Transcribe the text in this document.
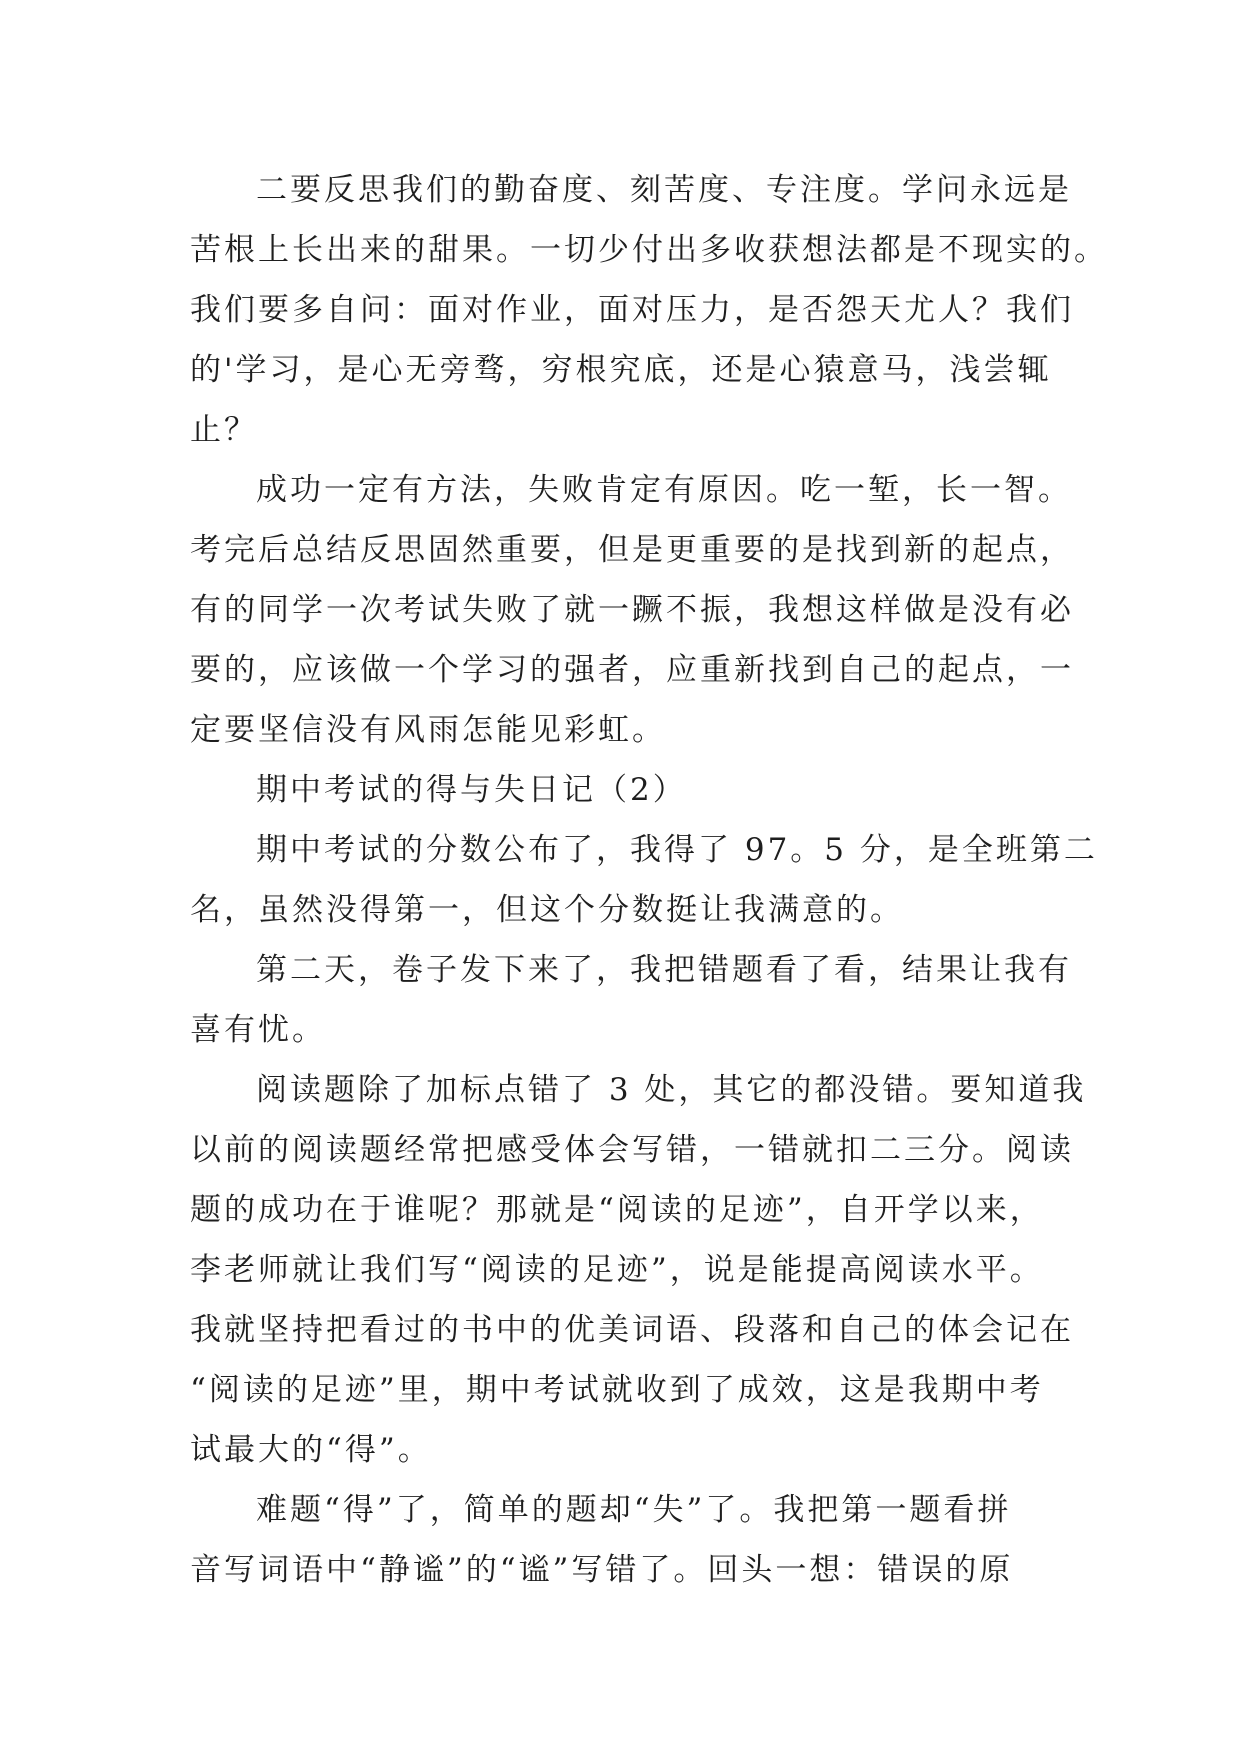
二要反思我们的勤奋度、刻苦度、专注度。学问永远是
苦根上长出来的甜果。一切少付出多收获想法都是不现实的。
我们要多自问：面对作业，面对压力，是否怨天尤人？我们
的'学习，是心无旁骛，穷根究底，还是心猿意马，浅尝辄
止？
成功一定有方法，失败肯定有原因。吃一堑，长一智。
考完后总结反思固然重要，但是更重要的是找到新的起点，
有的同学一次考试失败了就一蹶不振，我想这样做是没有必
要的，应该做一个学习的强者，应重新找到自己的起点，一
定要坚信没有风雨怎能见彩虹。
期中考试的得与失日记（2）
期中考试的分数公布了，我得了 97。5 分，是全班第二
名，虽然没得第一，但这个分数挺让我满意的。
第二天，卷子发下来了，我把错题看了看，结果让我有
喜有忧。
阅读题除了加标点错了 3 处，其它的都没错。要知道我
以前的阅读题经常把感受体会写错，一错就扣二三分。阅读
题的成功在于谁呢？那就是“阅读的足迹”，自开学以来，
李老师就让我们写“阅读的足迹”，说是能提高阅读水平。
我就坚持把看过的书中的优美词语、段落和自己的体会记在
“阅读的足迹”里，期中考试就收到了成效，这是我期中考
试最大的“得”。
难题“得”了，简单的题却“失”了。我把第一题看拼
音写词语中“静谧”的“谧”写错了。回头一想：错误的原
